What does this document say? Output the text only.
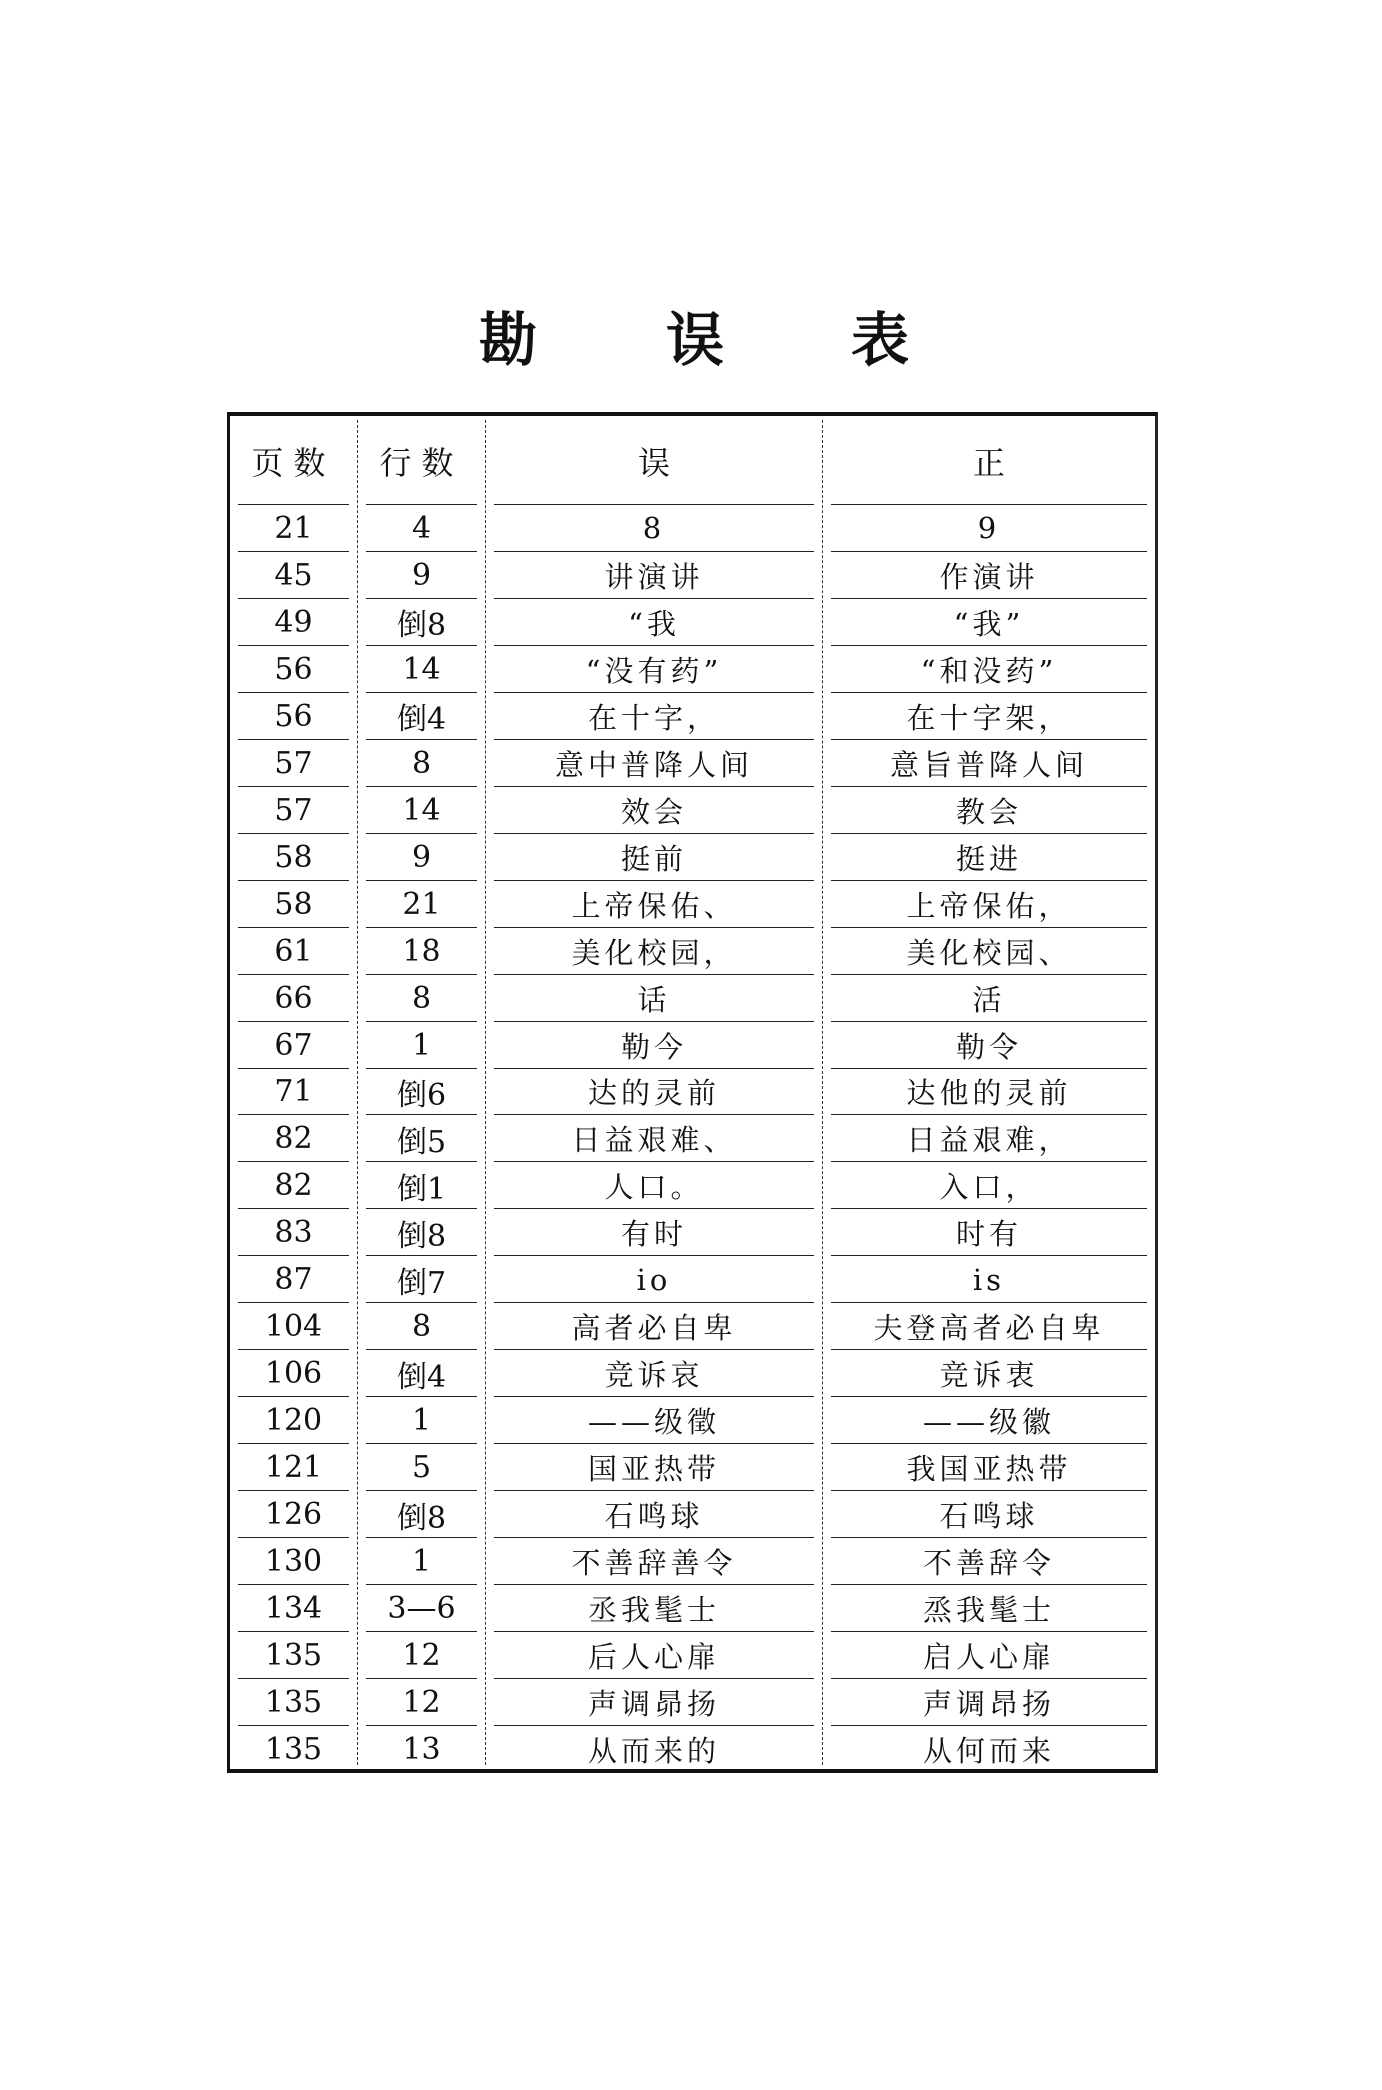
勘 误 表
页数	行数	误	正
21	4	8	9
45	9	讲演讲	作演讲
49	倒8	“我	“我”
56	14	“没有药”	“和没药”
56	倒4	在十字，	在十字架，
57	8	意中普降人间	意旨普降人间
57	14	效会	教会
58	9	挺前	挺进
58	21	上帝保佑、	上帝保佑，
61	18	美化校园，	美化校园、
66	8	话	活
67	1	勒今	勒令
71	倒6	达的灵前	达他的灵前
82	倒5	日益艰难、	日益艰难，
82	倒1	人口。	入口，
83	倒8	有时	时有
87	倒7	io	is
104	8	高者必自卑	夫登高者必自卑
106	倒4	竞诉哀	竞诉衷
120	1	——级徵	——级徽
121	5	国亚热带	我国亚热带
126	倒8	石鸣球	石鸣球
130	1	不善辞善令	不善辞令
134	3—6	丞我髦士	烝我髦士
135	12	后人心扉	启人心扉
135	12	声调昴扬	声调昂扬
135	13	从而来的	从何而来
